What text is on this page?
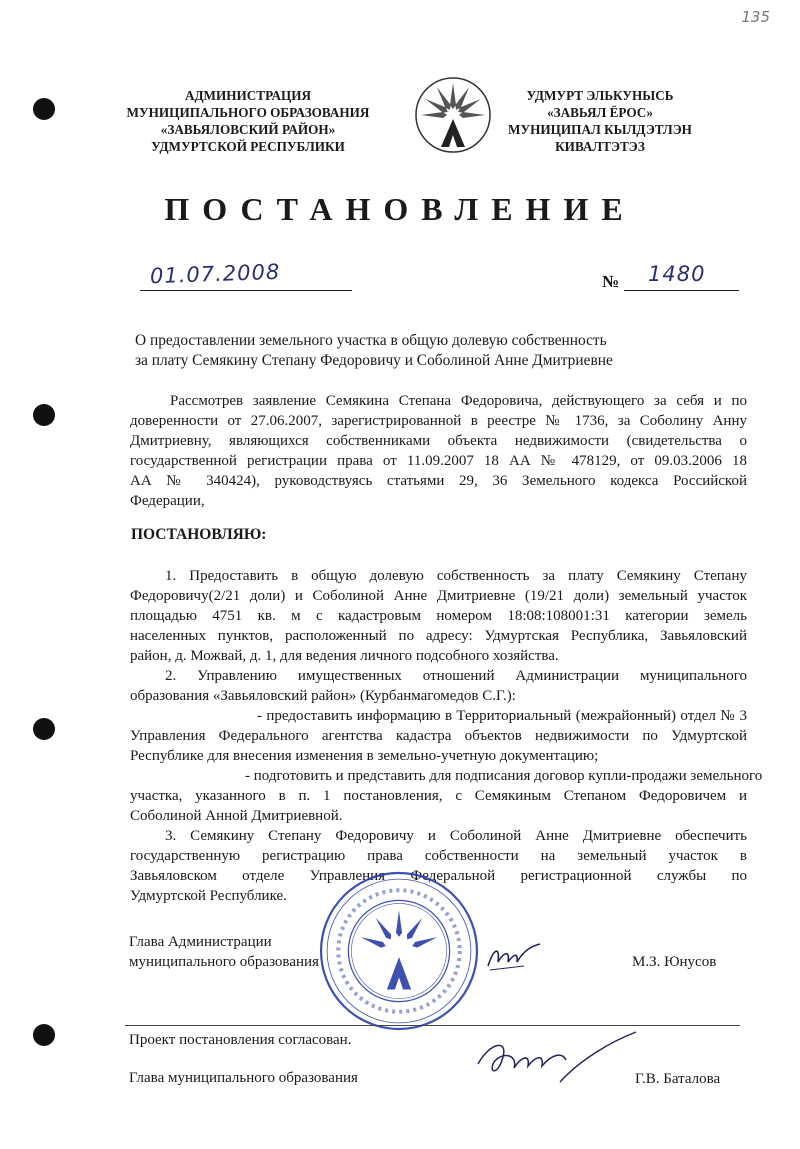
135
АДМИНИСТРАЦИЯ
МУНИЦИПАЛЬНОГО ОБРАЗОВАНИЯ
«ЗАВЬЯЛОВСКИЙ РАЙОН»
УДМУРТСКОЙ РЕСПУБЛИКИ
УДМУРТ ЭЛЬКУНЫСЬ
«ЗАВЬЯЛ ЁРОС»
МУНИЦИПАЛ КЫЛДЭТЛЭН
КИВАЛТЭТЭЗ
ПОСТАНОВЛЕНИЕ
01.07.2008	№ 1480
О предоставлении земельного участка в общую долевую собственность
за плату Семякину Степану Федоровичу и Соболиной Анне Дмитриевне
Рассмотрев заявление Семякина Степана Федоровича, действующего за себя и по
доверенности от 27.06.2007, зарегистрированной в реестре № 1736, за Соболину Анну
Дмитриевну, являющихся собственниками объекта недвижимости (свидетельства о
государственной регистрации права от 11.09.2007 18 АА № 478129, от 09.03.2006 18
АА № 340424), руководствуясь статьями 29, 36 Земельного кодекса Российской
Федерации,
ПОСТАНОВЛЯЮ:
1. Предоставить в общую долевую собственность за плату Семякину Степану
Федоровичу(2/21 доли) и Соболиной Анне Дмитриевне (19/21 доли) земельный участок
площадью 4751 кв. м с кадастровым номером 18:08:108001:31 категории земель
населенных пунктов, расположенный по адресу: Удмуртская Республика, Завьяловский
район, д. Можвай, д. 1, для ведения личного подсобного хозяйства.
2. Управлению имущественных отношений Администрации муниципального
образования «Завьяловский район» (Курбанмагомедов С.Г.):
- предоставить информацию в Территориальный (межрайонный) отдел № 3
Управления Федерального агентства кадастра объектов недвижимости по Удмуртской
Республике для внесения изменения в земельно-учетную документацию;
- подготовить и представить для подписания договор купли-продажи земельного
участка, указанного в п. 1 постановления, с Семякиным Степаном Федоровичем и
Соболиной Анной Дмитриевной.
3. Семякину Степану Федоровичу и Соболиной Анне Дмитриевне обеспечить
государственную регистрацию права собственности на земельный участок в
Завьяловском отделе Управления Федеральной регистрационной службы по
Удмуртской Республике.
Глава Администрации
муниципального образования	М.З. Юнусов
Проект постановления согласован.
Глава муниципального образования	Г.В. Баталова
